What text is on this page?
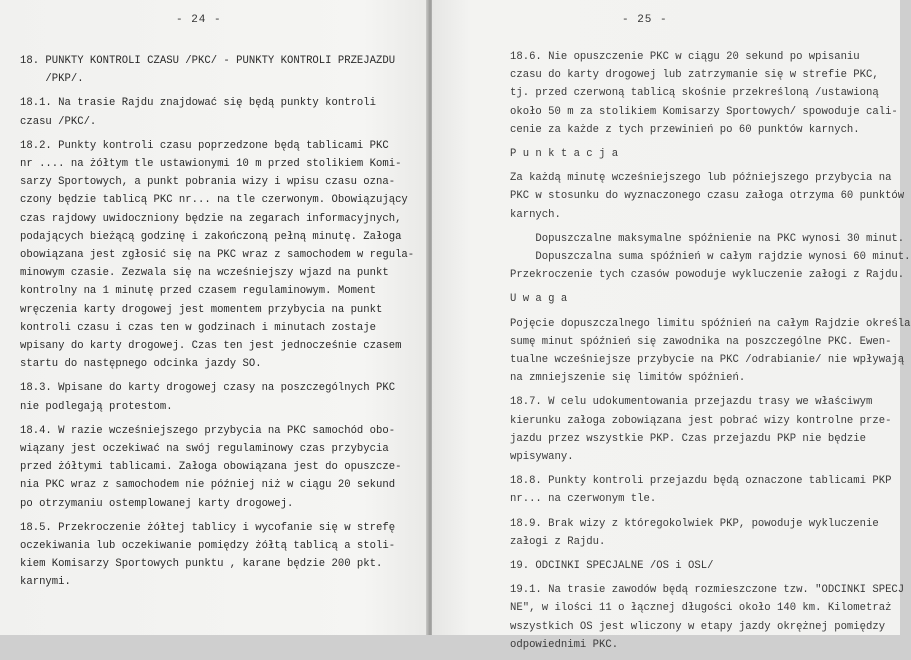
- 24 -
18. PUNKTY KONTROLI CZASU /PKC/ - PUNKTY KONTROLI PRZEJAZDU
/PKP/.
18.1. Na trasie Rajdu znajdować się będą punkty kontroli
czasu /PKC/.
18.2. Punkty kontroli czasu poprzedzone będą tablicami PKC
nr .... na żółtym tle ustawionymi 10 m przed stolikiem Komi-
sarzy Sportowych, a punkt pobrania wizy i wpisu czasu ozna-
czony będzie tablicą PKC nr... na tle czerwonym. Obowiązujący
czas rajdowy uwidoczniony będzie na zegarach informacyjnych,
podających bieżącą godzinę i zakończoną pełną minutę. Załoga
obowiązana jest zgłosić się na PKC wraz z samochodem w regula-
minowym czasie. Zezwala się na wcześniejszy wjazd na punkt
kontrolny na 1 minutę przed czasem regulaminowym. Moment
wręczenia karty drogowej jest momentem przybycia na punkt
kontroli czasu i czas ten w godzinach i minutach zostaje
wpisany do karty drogowej. Czas ten jest jednocześnie czasem
startu do następnego odcinka jazdy SO.
18.3. Wpisane do karty drogowej czasy na poszczególnych PKC
nie podlegają protestom.
18.4. W razie wcześniejszego przybycia na PKC samochód obo-
wiązany jest oczekiwać na swój regulaminowy czas przybycia
przed żółtymi tablicami. Załoga obowiązana jest do opuszcze-
nia PKC wraz z samochodem nie później niż w ciągu 20 sekund
po otrzymaniu ostemplowanej karty drogowej.
18.5. Przekroczenie żółtej tablicy i wycofanie się w strefę
oczekiwania lub oczekiwanie pomiędzy żółtą tablicą a stoli-
kiem Komisarzy Sportowych punktu , karane będzie 200 pkt.
karnymi.
- 25 -
18.6. Nie opuszczenie PKC w ciągu 20 sekund po wpisaniu
czasu do karty drogowej lub zatrzymanie się w strefie PKC,
tj. przed czerwoną tablicą skośnie przekreśloną /ustawioną
około 50 m za stolikiem Komisarzy Sportowych/ spowoduje cali-
cenie za każde z tych przewinień po 60 punktów karnych.
P u n k t a c j a
Za każdą minutę wcześniejszego lub późniejszego przybycia na
PKC w stosunku do wyznaczonego czasu załoga otrzyma 60 punktów
karnych.
Dopuszczalne maksymalne spóźnienie na PKC wynosi 30 minut.
Dopuszczalna suma spóźnień w całym rajdzie wynosi 60 minut.
Przekroczenie tych czasów powoduje wykluczenie załogi z Rajdu.
U w a g a
Pojęcie dopuszczalnego limitu spóźnień na całym Rajdzie określa
sumę minut spóźnień się zawodnika na poszczególne PKC. Ewen-
tualne wcześniejsze przybycie na PKC /odrabianie/ nie wpływają
na zmniejszenie się limitów spóźnień.
18.7. W celu udokumentowania przejazdu trasy we właściwym
kierunku załoga zobowiązana jest pobrać wizy kontrolne prze-
jazdu przez wszystkie PKP. Czas przejazdu PKP nie będzie
wpisywany.
18.8. Punkty kontroli przejazdu będą oznaczone tablicami PKP
nr... na czerwonym tle.
18.9. Brak wizy z któregokolwiek PKP, powoduje wykluczenie
załogi z Rajdu.
19. ODCINKI SPECJALNE /OS i OSL/
19.1. Na trasie zawodów będą rozmieszczone tzw. "ODCINKI SPECJ
NE", w ilości 11 o łącznej długości około 140 km. Kilometraż
wszystkich OS jest wliczony w etapy jazdy okrężnej pomiędzy
odpowiednimi PKC.
